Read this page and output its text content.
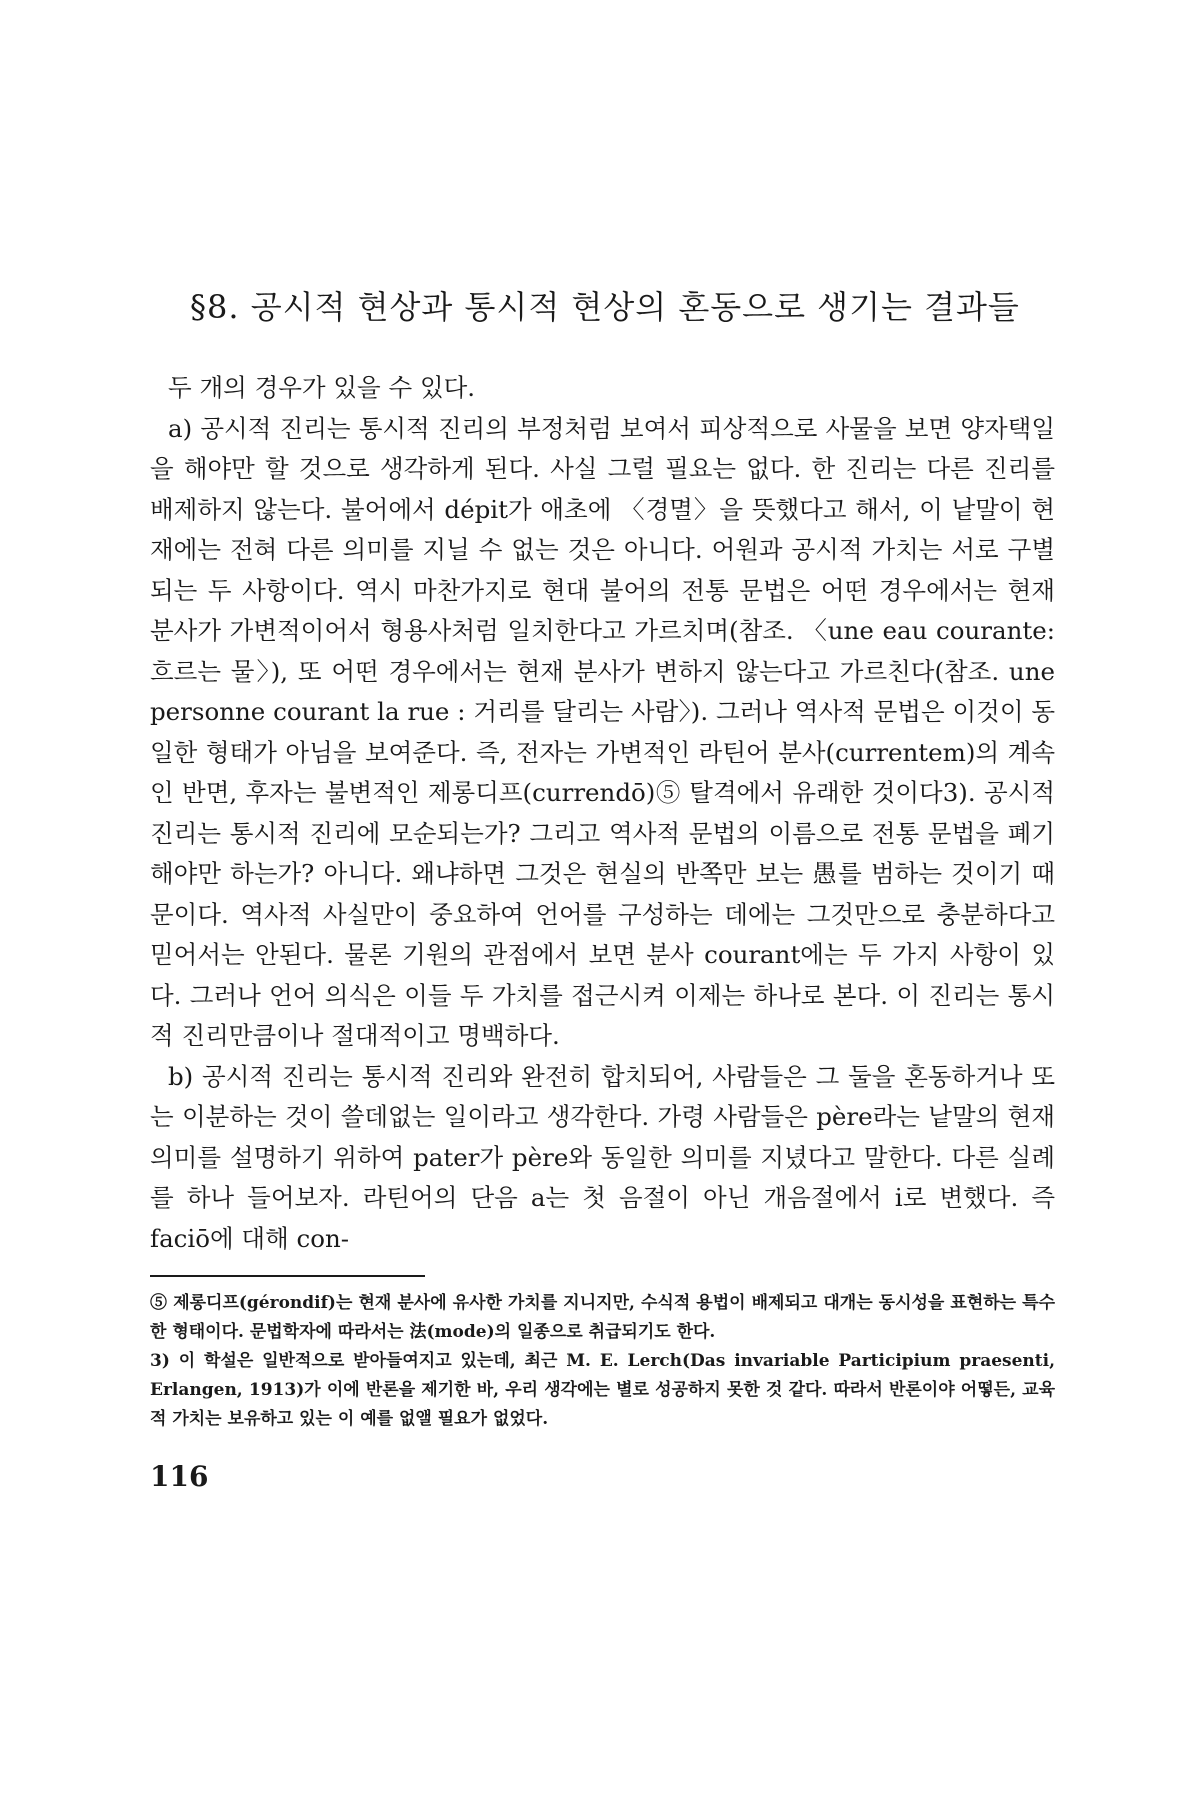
§8. 공시적 현상과 통시적 현상의 혼동으로 생기는 결과들

두 개의 경우가 있을 수 있다.

a) 공시적 진리는 통시적 진리의 부정처럼 보여서 피상적으로 사물을 보면 양자택일을 해야만 할 것으로 생각하게 된다. 사실 그럴 필요는 없다. 한 진리는 다른 진리를 배제하지 않는다. 불어에서 dépit가 애초에 〈경멸〉을 뜻했다고 해서, 이 낱말이 현재에는 전혀 다른 의미를 지닐 수 없는 것은 아니다. 어원과 공시적 가치는 서로 구별되는 두 사항이다. 역시 마찬가지로 현대 불어의 전통 문법은 어떤 경우에서는 현재 분사가 가변적이어서 형용사처럼 일치한다고 가르치며(참조. 〈une eau courante: 흐르는 물〉), 또 어떤 경우에서는 현재 분사가 변하지 않는다고 가르친다(참조. une personne courant la rue : 거리를 달리는 사람〉). 그러나 역사적 문법은 이것이 동일한 형태가 아님을 보여준다. 즉, 전자는 가변적인 라틴어 분사(currentem)의 계속인 반면, 후자는 불변적인 제롱디프(currendō)⑤ 탈격에서 유래한 것이다3). 공시적 진리는 통시적 진리에 모순되는가? 그리고 역사적 문법의 이름으로 전통 문법을 폐기해야만 하는가? 아니다. 왜냐하면 그것은 현실의 반쪽만 보는 愚를 범하는 것이기 때문이다. 역사적 사실만이 중요하여 언어를 구성하는 데에는 그것만으로 충분하다고 믿어서는 안된다. 물론 기원의 관점에서 보면 분사 courant에는 두 가지 사항이 있다. 그러나 언어 의식은 이들 두 가치를 접근시켜 이제는 하나로 본다. 이 진리는 통시적 진리만큼이나 절대적이고 명백하다.

b) 공시적 진리는 통시적 진리와 완전히 합치되어, 사람들은 그 둘을 혼동하거나 또는 이분하는 것이 쓸데없는 일이라고 생각한다. 가령 사람들은 père라는 낱말의 현재 의미를 설명하기 위하여 pater가 père와 동일한 의미를 지녔다고 말한다. 다른 실례를 하나 들어보자. 라틴어의 단음 a는 첫 음절이 아닌 개음절에서 i로 변했다. 즉 faciō에 대해 con-

⑤ 제롱디프(gérondif)는 현재 분사에 유사한 가치를 지니지만, 수식적 용법이 배제되고 대개는 동시성을 표현하는 특수한 형태이다. 문법학자에 따라서는 法(mode)의 일종으로 취급되기도 한다.

3) 이 학설은 일반적으로 받아들여지고 있는데, 최근 M. E. Lerch(Das invariable Participium praesenti, Erlangen, 1913)가 이에 반론을 제기한 바, 우리 생각에는 별로 성공하지 못한 것 같다. 따라서 반론이야 어떻든, 교육적 가치는 보유하고 있는 이 예를 없앨 필요가 없었다.

116
